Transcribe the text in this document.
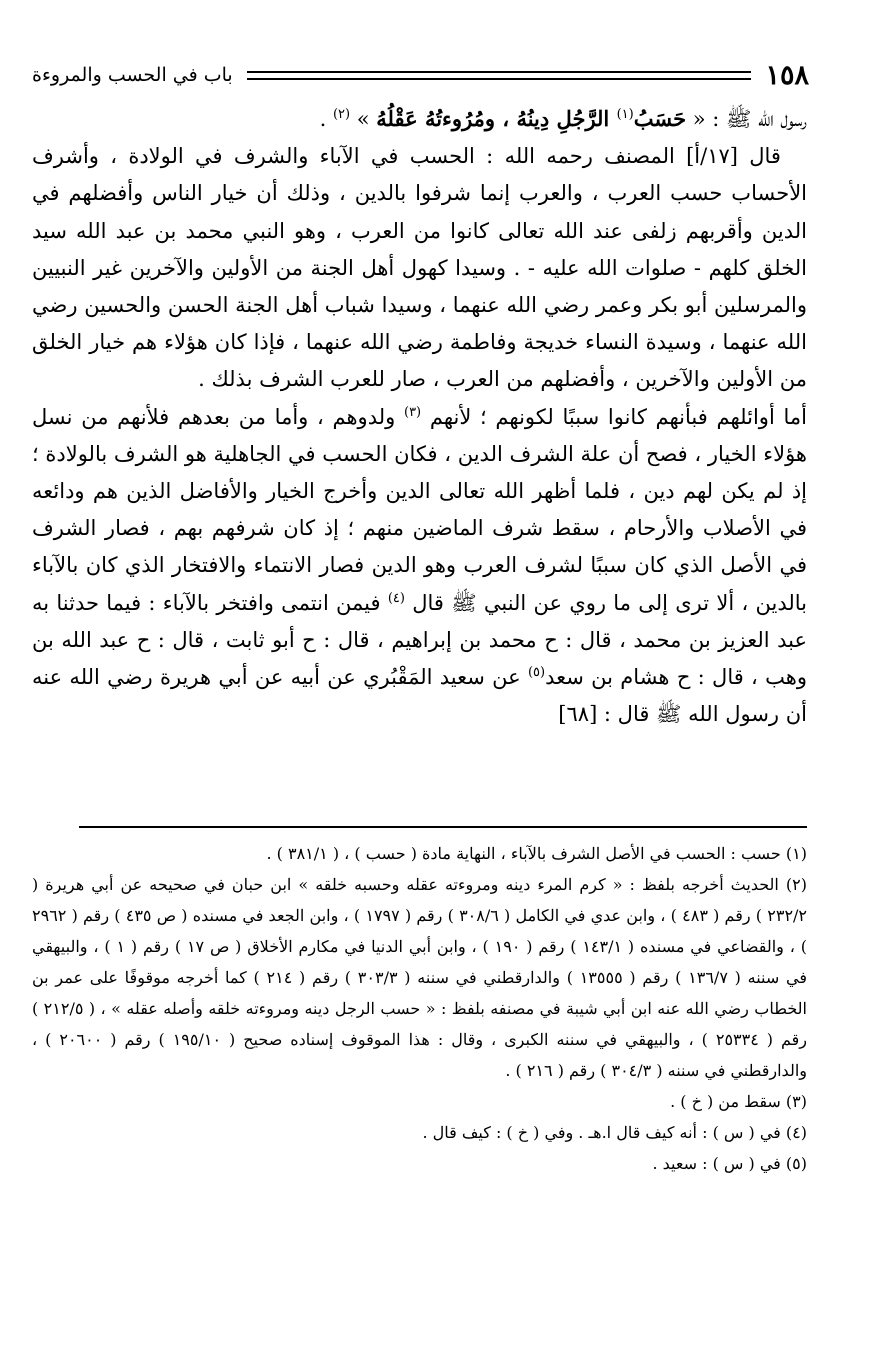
١٥٨
باب في الحسب والمروءة

رسول الله ﷺ : « حَسَبُ$^{(١)}$ الرَّجُلِ دِينُهُ ، ومُرُوءتُهُ عَقْلُهُ » $^{(٢)}$ .

قال [١٧/أ] المصنف رحمه الله : الحسب في الآباء والشرف في الولادة ، وأشرف الأحساب حسب العرب ، والعرب إنما شرفوا بالدين ، وذلك أن خيار الناس وأفضلهم في الدين وأقربهم زلفى عند الله تعالى كانوا من العرب ، وهو النبي محمد بن عبد الله سيد الخلق كلهم - صلوات الله عليه - . وسيدا كهول أهل الجنة من الأولين والآخرين غير النبيين والمرسلين أبو بكر وعمر رضي الله عنهما ، وسيدا شباب أهل الجنة الحسن والحسين رضي الله عنهما ، وسيدة النساء خديجة وفاطمة رضي الله عنهما ، فإذا كان هؤلاء هم خيار الخلق من الأولين والآخرين ، وأفضلهم من العرب ، صار للعرب الشرف بذلك .

أما أوائلهم فبأنهم كانوا سببًا لكونهم ؛ لأنهم $^{(٣)}$ ولدوهم ، وأما من بعدهم فلأنهم من نسل هؤلاء الخيار ، فصح أن علة الشرف الدين ، فكان الحسب في الجاهلية هو الشرف بالولادة ؛ إذ لم يكن لهم دين ، فلما أظهر الله تعالى الدين وأخرج الخيار والأفاضل الذين هم ودائعه في الأصلاب والأرحام ، سقط شرف الماضين منهم ؛ إذ كان شرفهم بهم ، فصار الشرف في الأصل الذي كان سببًا لشرف العرب وهو الدين فصار الانتماء والافتخار الذي كان بالآباء بالدين ، ألا ترى إلى ما روي عن النبي ﷺ قال $^{(٤)}$ فيمن انتمى وافتخر بالآباء : فيما حدثنا به عبد العزيز بن محمد ، قال : ح محمد بن إبراهيم ، قال : ح أبو ثابت ، قال : ح عبد الله بن وهب ، قال : ح هشام بن سعد$^{(٥)}$ عن سعيد المَقْبُري عن أبيه عن أبي هريرة رضي الله عنه أن رسول الله ﷺ قال : [٦٨]

(١) حسب : الحسب في الأصل الشرف بالآباء ، النهاية مادة ( حسب ) ، ( ٣٨١/١ ) .

(٢) الحديث أخرجه بلفظ : « كرم المرء دينه ومروءته عقله وحسبه خلقه » ابن حبان في صحيحه عن أبي هريرة ( ٢٣٢/٢ ) رقم ( ٤٨٣ ) ، وابن عدي في الكامل ( ٣٠٨/٦ ) رقم ( ١٧٩٧ ) ، وابن الجعد في مسنده ( ص ٤٣٥ ) رقم ( ٢٩٦٢ ) ، والقضاعي في مسنده ( ١٤٣/١ ) رقم ( ١٩٠ ) ، وابن أبي الدنيا في مكارم الأخلاق ( ص ١٧ ) رقم ( ١ ) ، والبيهقي في سننه ( ١٣٦/٧ ) رقم ( ١٣٥٥٥ ) والدارقطني في سننه ( ٣٠٣/٣ ) رقم ( ٢١٤ ) كما أخرجه موقوفًا على عمر بن الخطاب رضي الله عنه ابن أبي شيبة في مصنفه بلفظ : « حسب الرجل دينه ومروءته خلقه وأصله عقله » ، ( ٢١٢/٥ ) رقم ( ٢٥٣٣٤ ) ، والبيهقي في سننه الكبرى ، وقال : هذا الموقوف إسناده صحيح ( ١٩٥/١٠ ) رقم ( ٢٠٦٠٠ ) ، والدارقطني في سننه ( ٣٠٤/٣ ) رقم ( ٢١٦ ) .

(٣) سقط من ( خ ) .

(٤) في ( س ) : أنه كيف قال ا.هـ . وفي ( خ ) : كيف قال .

(٥) في ( س ) : سعيد .
